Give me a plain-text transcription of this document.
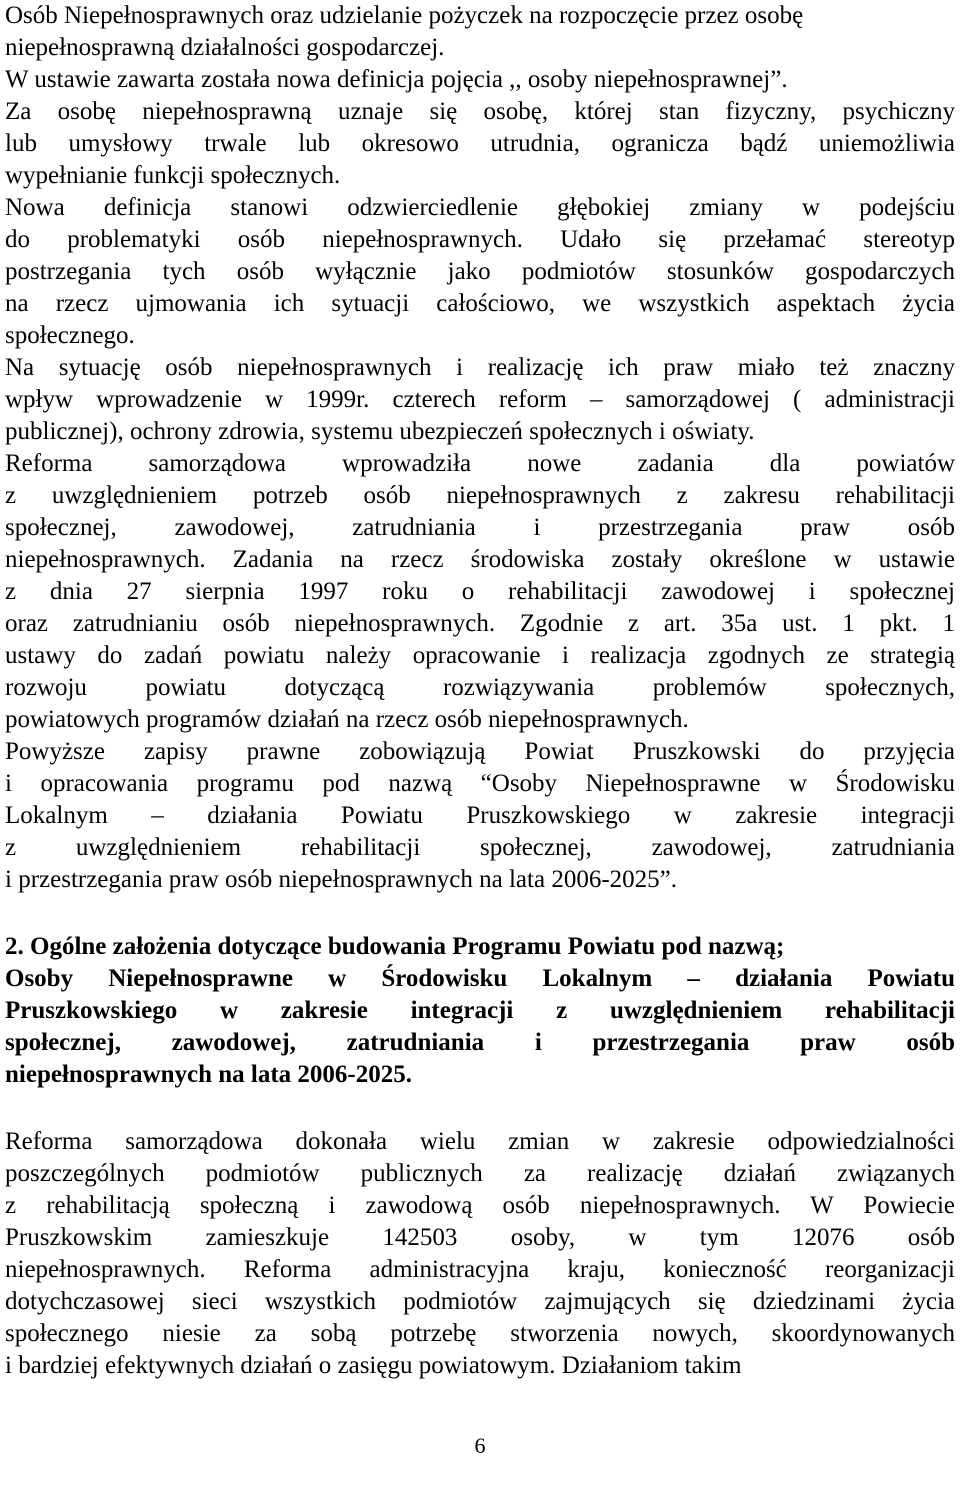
Osób Niepełnosprawnych oraz udzielanie pożyczek na rozpoczęcie przez osobę
niepełnosprawną działalności gospodarczej.
W ustawie zawarta została nowa definicja pojęcia ,, osoby niepełnosprawnej”.
Za osobę niepełnosprawną uznaje się osobę, której stan fizyczny, psychiczny
lub umysłowy trwale lub okresowo utrudnia, ogranicza bądź uniemożliwia
wypełnianie funkcji społecznych.
Nowa definicja stanowi odzwierciedlenie głębokiej zmiany w podejściu
do problematyki osób niepełnosprawnych. Udało się przełamać stereotyp
postrzegania tych osób wyłącznie jako podmiotów stosunków gospodarczych
na rzecz ujmowania ich sytuacji całościowo, we wszystkich aspektach życia
społecznego.
Na sytuację osób niepełnosprawnych i realizację ich praw miało też znaczny
wpływ wprowadzenie w 1999r. czterech reform – samorządowej ( administracji
publicznej), ochrony zdrowia, systemu ubezpieczeń społecznych i oświaty.
Reforma samorządowa wprowadziła nowe zadania dla powiatów
z uwzględnieniem potrzeb osób niepełnosprawnych z zakresu rehabilitacji
społecznej, zawodowej, zatrudniania i przestrzegania praw osób
niepełnosprawnych. Zadania na rzecz środowiska zostały określone w ustawie
z dnia 27 sierpnia 1997 roku o rehabilitacji zawodowej i społecznej
oraz zatrudnianiu osób niepełnosprawnych. Zgodnie z art. 35a ust. 1 pkt. 1
ustawy do zadań powiatu należy opracowanie i realizacja zgodnych ze strategią
rozwoju powiatu dotyczącą rozwiązywania problemów społecznych,
powiatowych programów działań na rzecz osób niepełnosprawnych.
Powyższe zapisy prawne zobowiązują Powiat Pruszkowski do przyjęcia
i opracowania programu pod nazwą “Osoby Niepełnosprawne w Środowisku
Lokalnym – działania Powiatu Pruszkowskiego w zakresie integracji
z uwzględnieniem rehabilitacji społecznej, zawodowej, zatrudniania
i przestrzegania praw osób niepełnosprawnych na lata 2006-2025”.
2. Ogólne założenia dotyczące budowania Programu Powiatu pod nazwą;
Osoby Niepełnosprawne w Środowisku Lokalnym – działania Powiatu
Pruszkowskiego w zakresie integracji z uwzględnieniem rehabilitacji
społecznej, zawodowej, zatrudniania i przestrzegania praw osób
niepełnosprawnych na lata 2006-2025.
Reforma samorządowa dokonała wielu zmian w zakresie odpowiedzialności
poszczególnych podmiotów publicznych za realizację działań związanych
z rehabilitacją społeczną i zawodową osób niepełnosprawnych. W Powiecie
Pruszkowskim zamieszkuje 142503 osoby, w tym 12076 osób
niepełnosprawnych. Reforma administracyjna kraju, konieczność reorganizacji
dotychczasowej sieci wszystkich podmiotów zajmujących się dziedzinami życia
społecznego niesie za sobą potrzebę stworzenia nowych, skoordynowanych
i bardziej efektywnych działań o zasięgu powiatowym. Działaniom takim
6
